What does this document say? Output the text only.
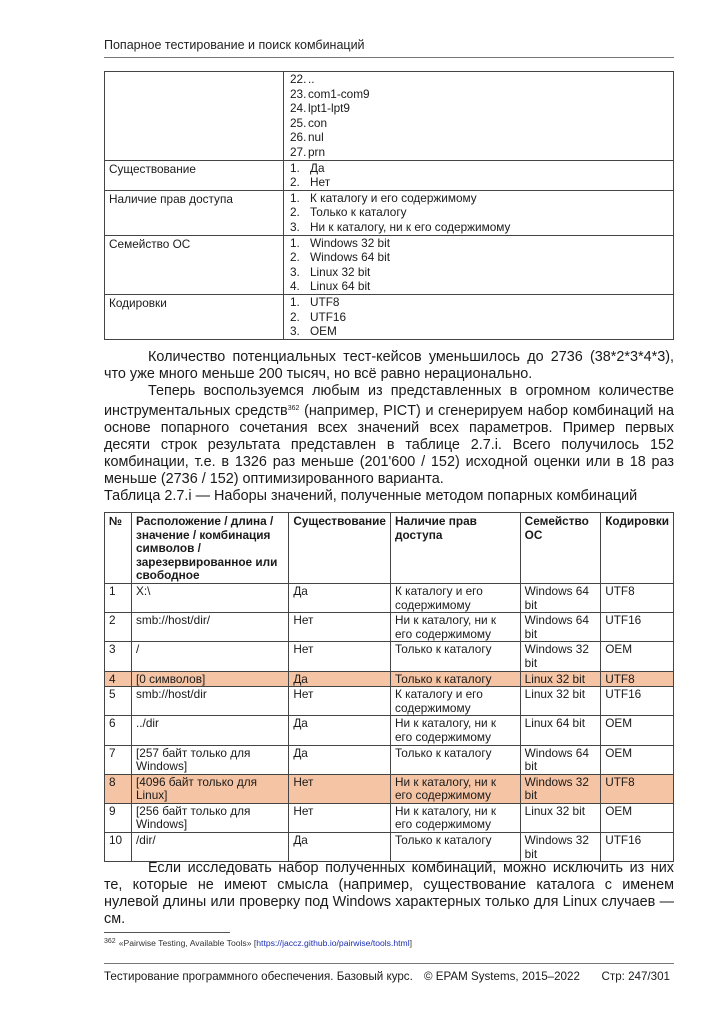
Попарное тестирование и поиск комбинаций

22. ..
23. com1-com9
24. lpt1-lpt9
25. con
26. nul
27. prn

Существование	1. Да
2. Нет

Наличие прав доступа	1. К каталогу и его содержимому
2. Только к каталогу
3. Ни к каталогу, ни к его содержимому

Семейство ОС	1. Windows 32 bit
2. Windows 64 bit
3. Linux 32 bit
4. Linux 64 bit

Кодировки	1. UTF8
2. UTF16
3. OEM

Количество потенциальных тест-кейсов уменьшилось до 2736 (38*2*3*4*3), что уже много меньше 200 тысяч, но всё равно нерационально.

Теперь воспользуемся любым из представленных в огромном количестве инструментальных средств$^{362}$ (например, PICT) и сгенерируем набор комбинаций на основе попарного сочетания всех значений всех параметров. Пример первых десяти строк результата представлен в таблице 2.7.i. Всего получилось 152 комбинации, т.е. в 1326 раз меньше (201'600 / 152) исходной оценки или в 18 раз меньше (2736 / 152) оптимизированного варианта.

Таблица 2.7.i — Наборы значений, полученные методом попарных комбинаций
№	Расположение / длина / значение / комбинация символов / зарезервированное или свободное	Существование	Наличие прав доступа	Семейство ОС	Кодировки
1	X:\	Да	К каталогу и его содержимому	Windows 64 bit	UTF8
2	smb://host/dir/	Нет	Ни к каталогу, ни к его содержимому	Windows 64 bit	UTF16
3	/	Нет	Только к каталогу	Windows 32 bit	OEM
4	[0 символов]	Да	Только к каталогу	Linux 32 bit	UTF8
5	smb://host/dir	Нет	К каталогу и его содержимому	Linux 32 bit	UTF16
6	../dir	Да	Ни к каталогу, ни к его содержимому	Linux 64 bit	OEM
7	[257 байт только для Windows]	Да	Только к каталогу	Windows 64 bit	OEM
8	[4096 байт только для Linux]	Нет	Ни к каталогу, ни к его содержимому	Windows 32 bit	UTF8
9	[256 байт только для Windows]	Нет	Ни к каталогу, ни к его содержимому	Linux 32 bit	OEM
10	/dir/	Да	Только к каталогу	Windows 32 bit	UTF16

Если исследовать набор полученных комбинаций, можно исключить из них те, которые не имеют смысла (например, существование каталога с именем нулевой длины или проверку под Windows характерных только для Linux случаев — см.

$^{362}$ «Pairwise Testing, Available Tools» [https://jaccz.github.io/pairwise/tools.html]
Тестирование программного обеспечения. Базовый курс. © EPAM Systems, 2015–2022 Стр: 247/301
